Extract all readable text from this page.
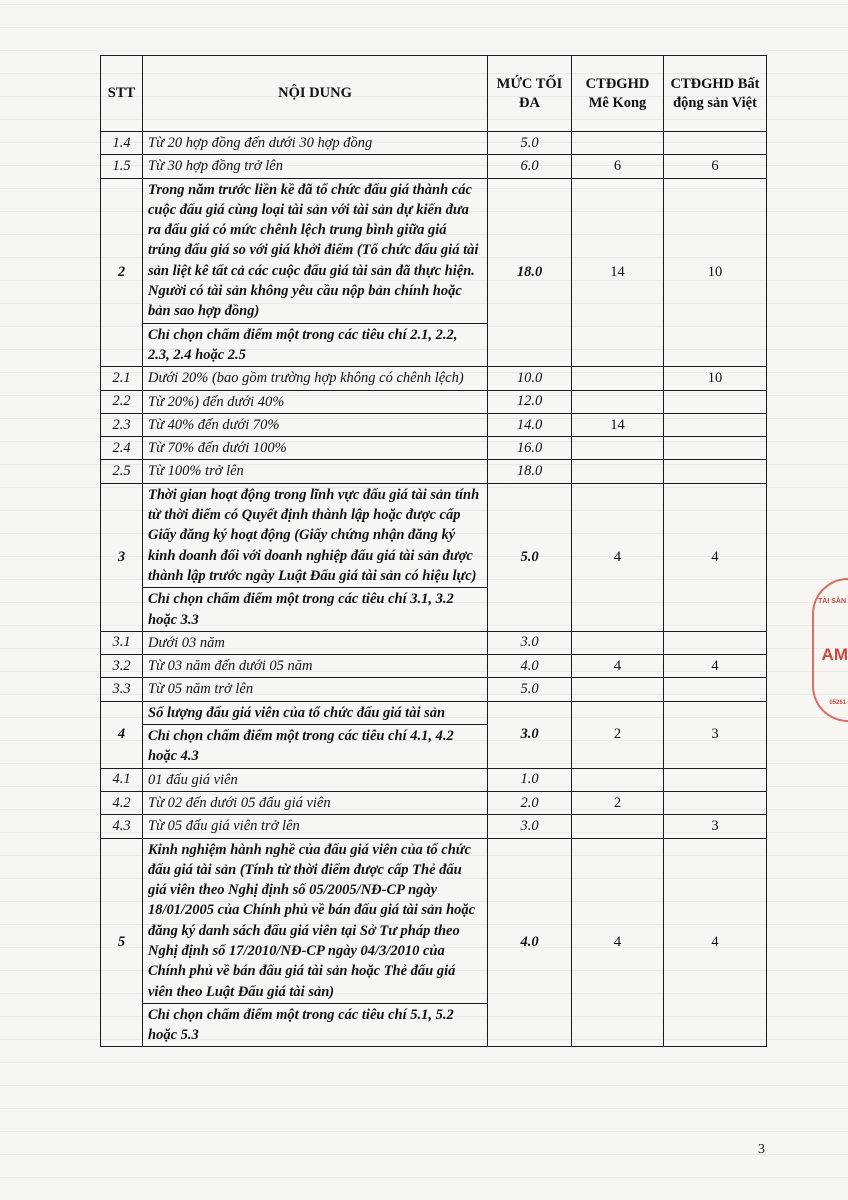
TÀI SẢN
AM
05261
STT	NỘI DUNG	MỨC TỐI ĐA	CTĐGHD Mê Kong	CTĐGHD Bất động sản Việt
1.4	Từ 20 hợp đồng đến dưới 30 hợp đồng	5.0		
1.5	Từ 30 hợp đồng trở lên	6.0	6	6
2	Trong năm trước liền kề đã tổ chức đấu giá thành các cuộc đấu giá cùng loại tài sản với tài sản dự kiến đưa ra đấu giá có mức chênh lệch trung bình giữa giá trúng đấu giá so với giá khởi điểm (Tổ chức đấu giá tài sản liệt kê tất cả các cuộc đấu giá tài sản đã thực hiện. Người có tài sản không yêu cầu nộp bản chính hoặc bản sao hợp đồng)	18.0	14	10
	Chỉ chọn chấm điểm một trong các tiêu chí 2.1, 2.2, 2.3, 2.4 hoặc 2.5			
2.1	Dưới 20% (bao gồm trường hợp không có chênh lệch)	10.0		10
2.2	Từ 20%) đến dưới 40%	12.0		
2.3	Từ 40% đến dưới 70%	14.0	14	
2.4	Từ 70% đến dưới 100%	16.0		
2.5	Từ 100% trở lên	18.0		
3	Thời gian hoạt động trong lĩnh vực đấu giá tài sản tính từ thời điểm có Quyết định thành lập hoặc được cấp Giấy đăng ký hoạt động (Giấy chứng nhận đăng ký kinh doanh đối với doanh nghiệp đấu giá tài sản được thành lập trước ngày Luật Đấu giá tài sản có hiệu lực)	5.0	4	4
	Chỉ chọn chấm điểm một trong các tiêu chí 3.1, 3.2 hoặc 3.3			
3.1	Dưới 03 năm	3.0		
3.2	Từ 03 năm đến dưới 05 năm	4.0	4	4
3.3	Từ 05 năm trở lên	5.0		
4	Số lượng đấu giá viên của tổ chức đấu giá tài sản	3.0	2	3
	Chỉ chọn chấm điểm một trong các tiêu chí 4.1, 4.2 hoặc 4.3			
4.1	01 đấu giá viên	1.0		
4.2	Từ 02 đến dưới 05 đấu giá viên	2.0	2	
4.3	Từ 05 đấu giá viên trở lên	3.0		3
5	Kinh nghiệm hành nghề của đấu giá viên của tổ chức đấu giá tài sản (Tính từ thời điểm được cấp Thẻ đấu giá viên theo Nghị định số 05/2005/NĐ-CP ngày 18/01/2005 của Chính phủ về bán đấu giá tài sản hoặc đăng ký danh sách đấu giá viên tại Sở Tư pháp theo Nghị định số 17/2010/NĐ-CP ngày 04/3/2010 của Chính phủ về bán đấu giá tài sản hoặc Thẻ đấu giá viên theo Luật Đấu giá tài sản)	4.0	4	4
	Chỉ chọn chấm điểm một trong các tiêu chí 5.1, 5.2 hoặc 5.3			
3
